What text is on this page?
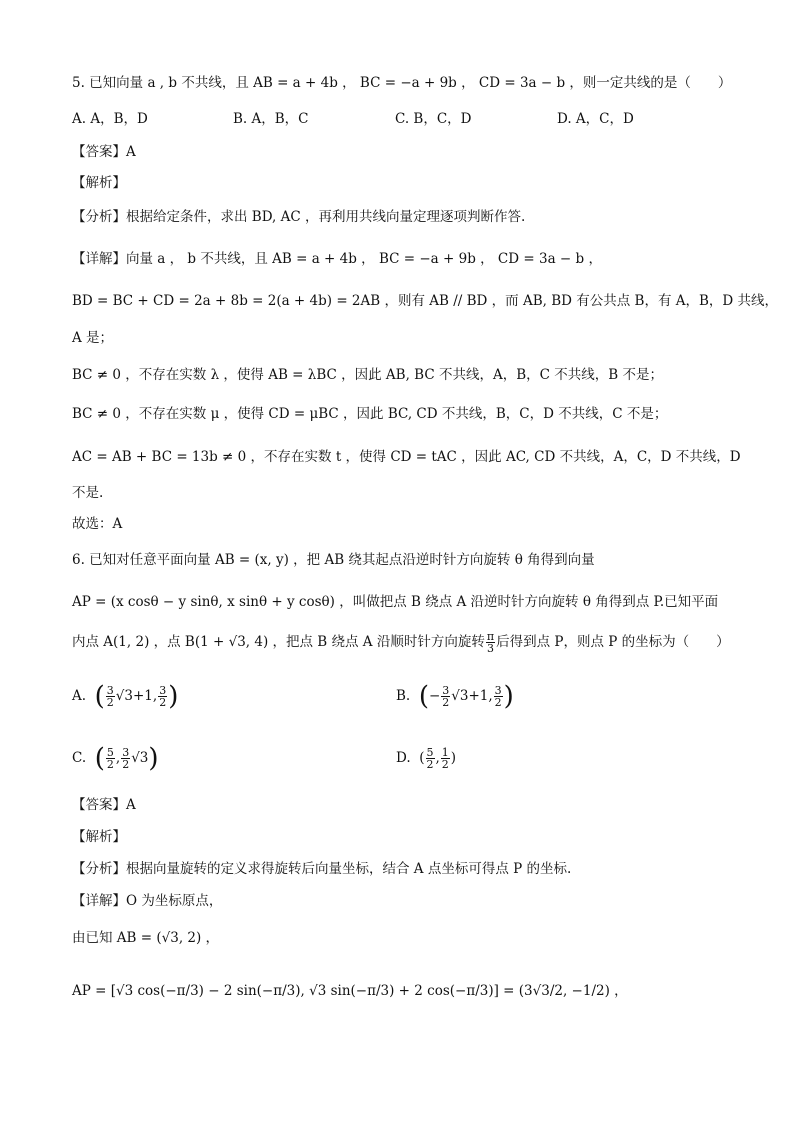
5. 已知向量 a , b 不共线，且 AB = a + 4b ， BC = −a + 9b ， CD = 3a − b ，则一定共线的是（　　）
A. A，B，D	B. A，B，C	C. B，C，D	D. A，C，D
【答案】A
【解析】
【分析】根据给定条件，求出 BD, AC ，再利用共线向量定理逐项判断作答.
【详解】向量 a ， b 不共线，且 AB = a + 4b ， BC = −a + 9b ， CD = 3a − b ，
BD = BC + CD = 2a + 8b = 2(a + 4b) = 2AB ，则有 AB // BD ，而 AB, BD 有公共点 B，有 A，B，D 共线，
A 是；
BC ≠ 0 ，不存在实数 λ ，使得 AB = λBC ，因此 AB, BC 不共线，A，B，C 不共线，B 不是；
BC ≠ 0 ，不存在实数 μ ，使得 CD = μBC ，因此 BC, CD 不共线，B，C，D 不共线，C 不是；
AC = AB + BC = 13b ≠ 0 ，不存在实数 t ，使得 CD = tAC ，因此 AC, CD 不共线，A，C，D 不共线，D
不是.
故选：A
6. 已知对任意平面向量 AB = (x, y) ，把 AB 绕其起点沿逆时针方向旋转 θ 角得到向量
AP = (x cosθ − y sinθ, x sinθ + y cosθ) ，叫做把点 B 绕点 A 沿逆时针方向旋转 θ 角得到点 P.已知平面
内点 A(1, 2) ，点 B(1 + √3, 4) ，把点 B 绕点 A 沿顺时针方向旋转 $\frac{\pi}{3}$ 后得到点 P，则点 P 的坐标为（　　）
A. ( $\frac{3}{2} √3+1$, $\frac{3}{2}$ )	B. (− $\frac{3}{2} √3+1$, $\frac{3}{2}$ )
C. ( $\frac{5}{2}$ , $\frac{3}{2} √3$)	D.  ( $\frac{5}{2}$ , $\frac{1}{2}$ )
【答案】A
【解析】
【分析】根据向量旋转的定义求得旋转后向量坐标，结合 A 点坐标可得点 P 的坐标.
【详解】O 为坐标原点，
由已知 AB = (√3, 2) ，
AP = [√3 cos(−π/3) − 2 sin(−π/3), √3 sin(−π/3) + 2 cos(−π/3)] = (3√3/2, −1/2) ，
